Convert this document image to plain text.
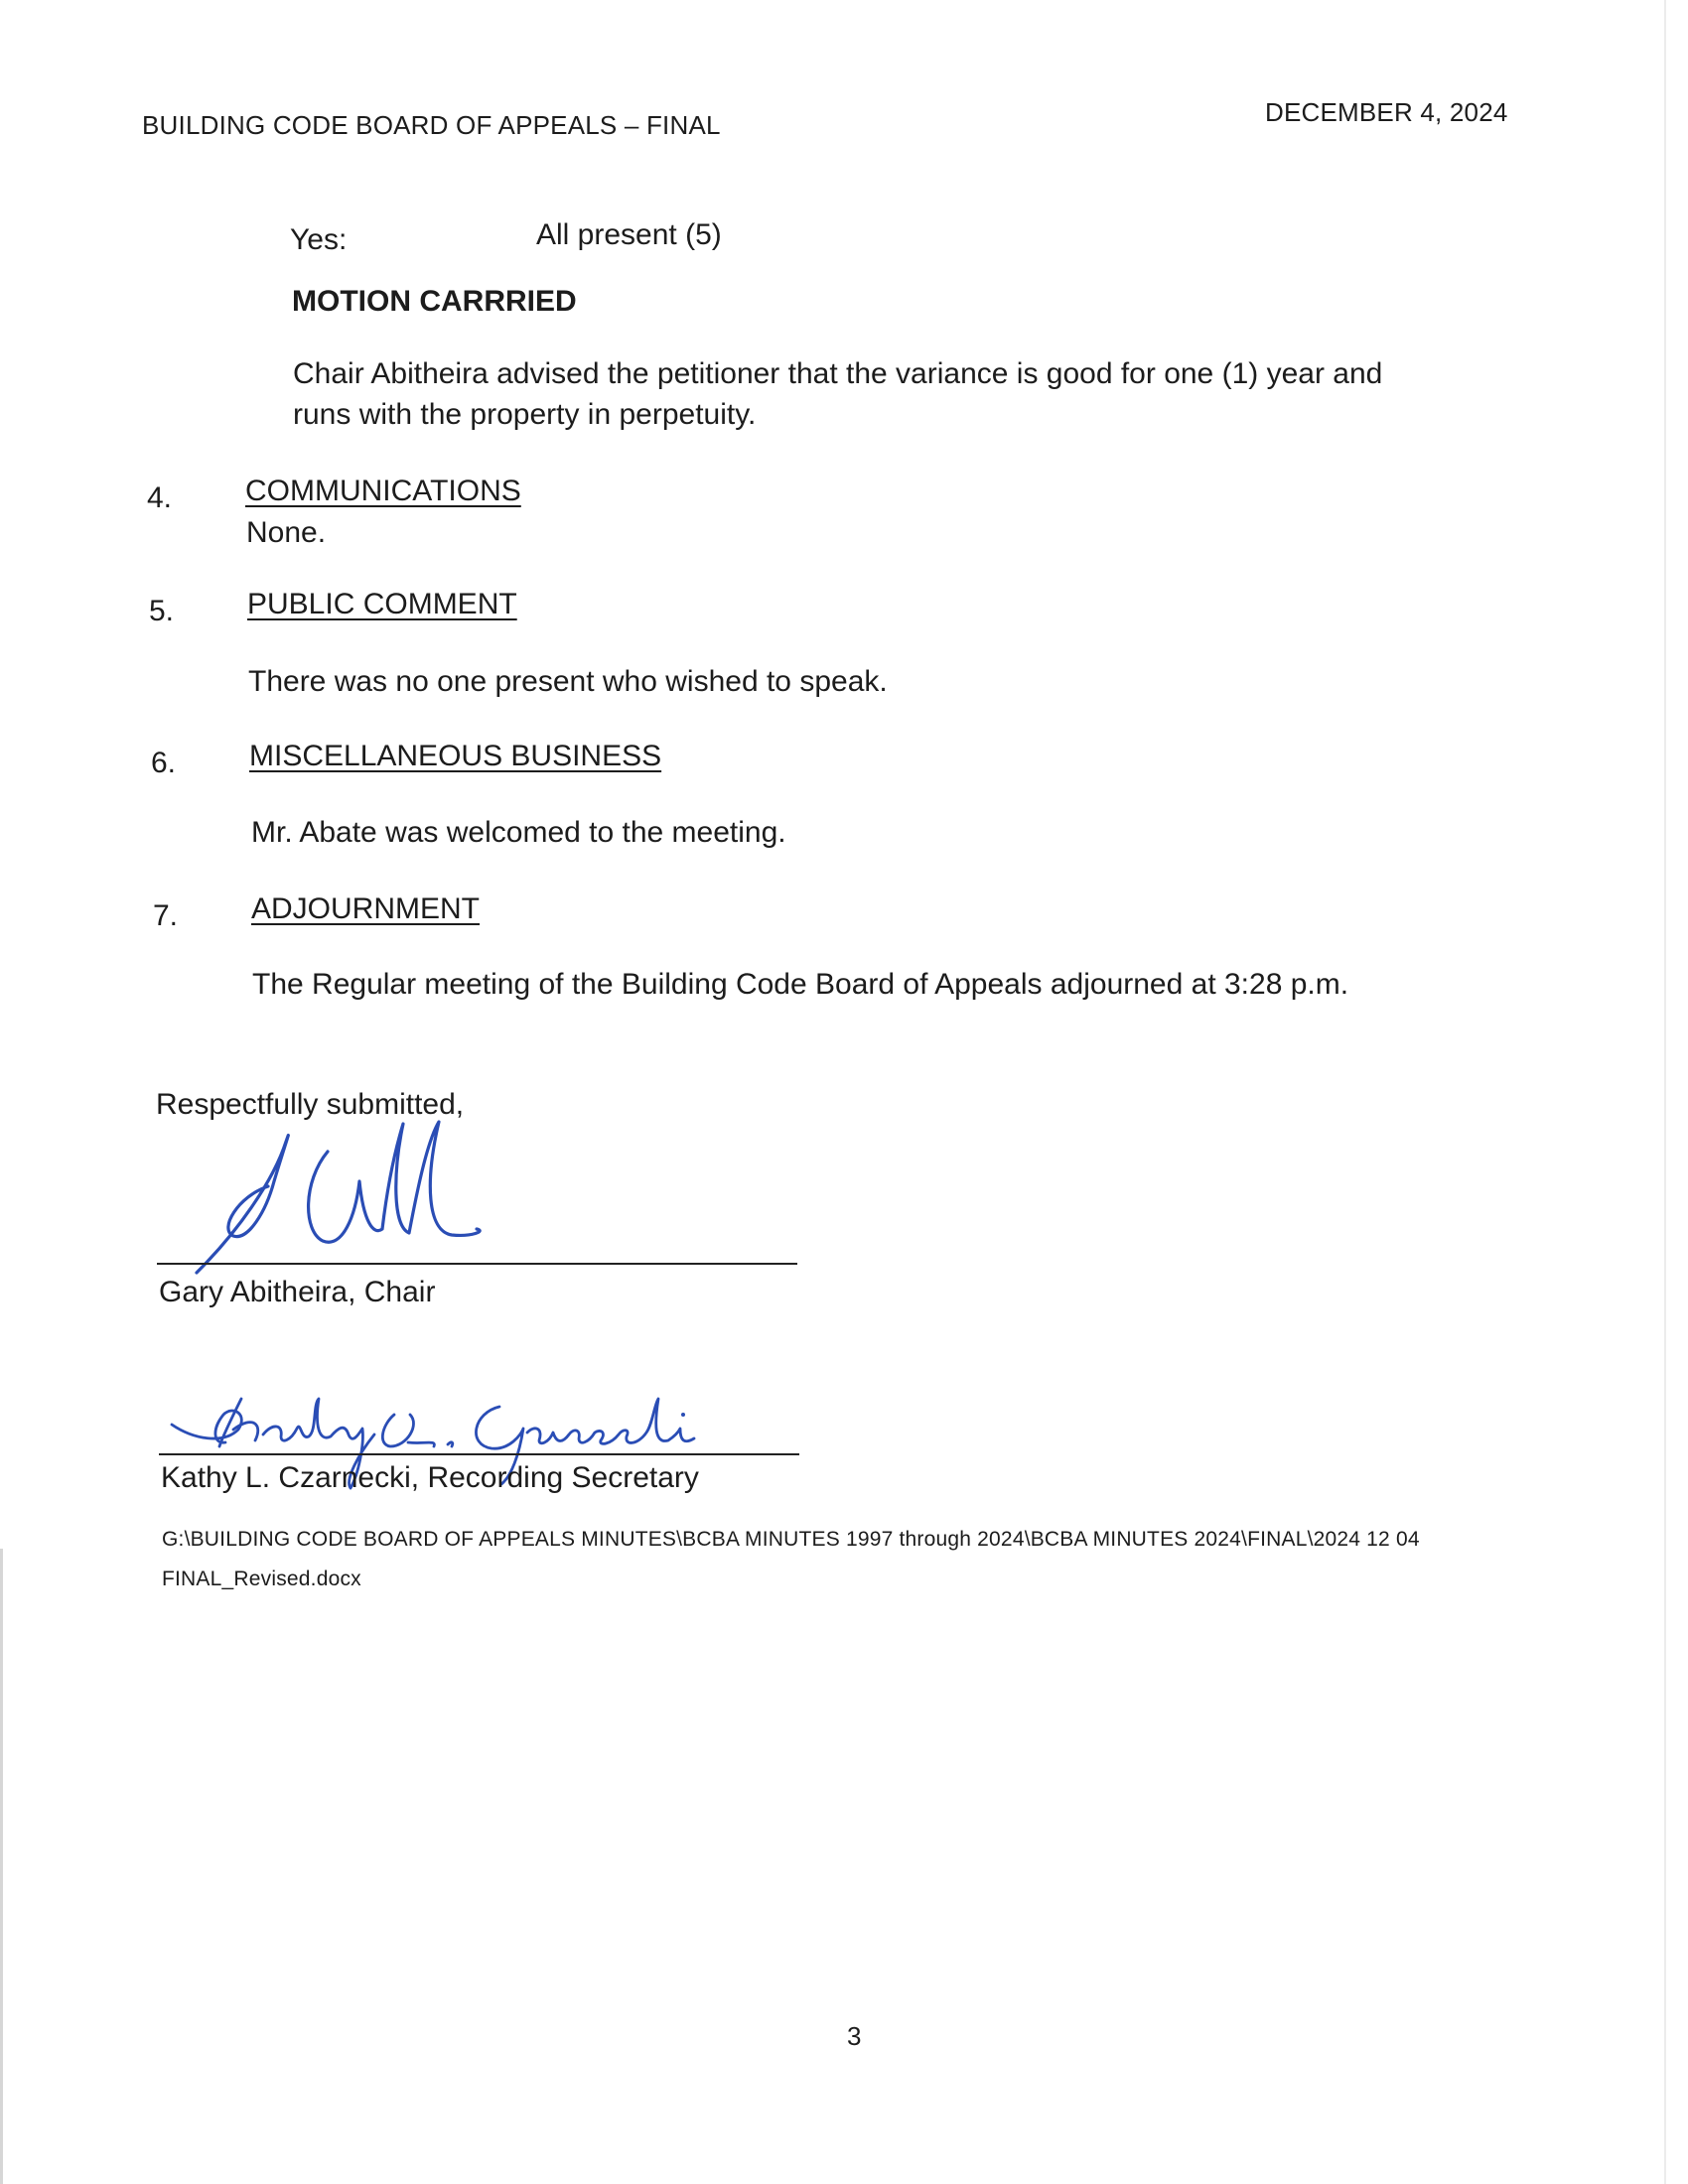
BUILDING CODE BOARD OF APPEALS – FINAL	DECEMBER 4, 2024
Yes:	All present (5)
MOTION CARRRIED
Chair Abitheira advised the petitioner that the variance is good for one (1) year and
runs with the property in perpetuity.
4. COMMUNICATIONS
None.
5. PUBLIC COMMENT
There was no one present who wished to speak.
6. MISCELLANEOUS BUSINESS
Mr. Abate was welcomed to the meeting.
7. ADJOURNMENT
The Regular meeting of the Building Code Board of Appeals adjourned at 3:28 p.m.
Respectfully submitted,
Gary Abitheira, Chair
Kathy L. Czarnecki, Recording Secretary
G:\BUILDING CODE BOARD OF APPEALS MINUTES\BCBA MINUTES 1997 through 2024\BCBA MINUTES 2024\FINAL\2024 12 04
FINAL_Revised.docx
3
